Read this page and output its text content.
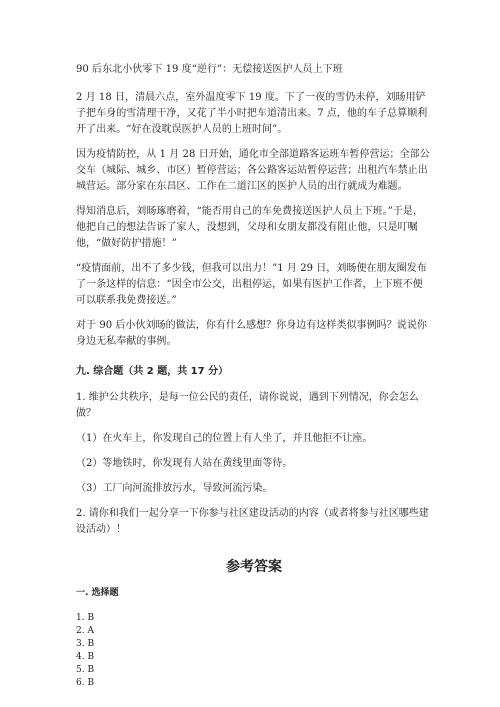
90 后东北小伙零下 19 度“逆行”：无偿接送医护人员上下班
2 月 18 日，清晨六点，室外温度零下 19 度。下了一夜的雪仍未停，刘旸用铲子把车身的雪清理干净，又花了半小时把车道清出来。7 点，他的车子总算顺利开了出来。“好在没耽误医护人员的上班时间”。
因为疫情防控，从 1 月 28 日开始，通化市全部道路客运班车暂停营运；全部公交车（城际、城乡、市区）暂停营运；各公路客运站暂停运营；出租汽车禁止出城营运。部分家在东昌区、工作在二道江区的医护人员的出行就成为难题。
得知消息后，刘旸琢磨着，“能否用自己的车免费接送医护人员上下班。”于是，他把自己的想法告诉了家人，没想到，父母和女朋友都没有阻止他，只是叮嘱他，“做好防护措施！”
“疫情面前，出不了多少钱，但我可以出力！”1 月 29 日，刘旸便在朋友圈发布了一条这样的信息：“因全市公交，出租停运，如果有医护工作者，上下班不便可以联系我免费接送。”
对于 90 后小伙刘旸的做法，你有什么感想？你身边有这样类似事例吗？说说你身边无私奉献的事例。
九. 综合题（共 2 题，共 17 分）
1. 维护公共秩序，是每一位公民的责任，请你说说，遇到下列情况，你会怎么做？
（1）在火车上，你发现自己的位置上有人坐了，并且他拒不让座。
（2）等地铁时，你发现有人站在黄线里面等待。
（3）工厂向河流排放污水，导致河流污染。
2. 请你和我们一起分享一下你参与社区建设活动的内容（或者将参与社区哪些建设活动）！
参考答案
一. 选择题
1. B
2. A
3. B
4. B
5. B
6. B
